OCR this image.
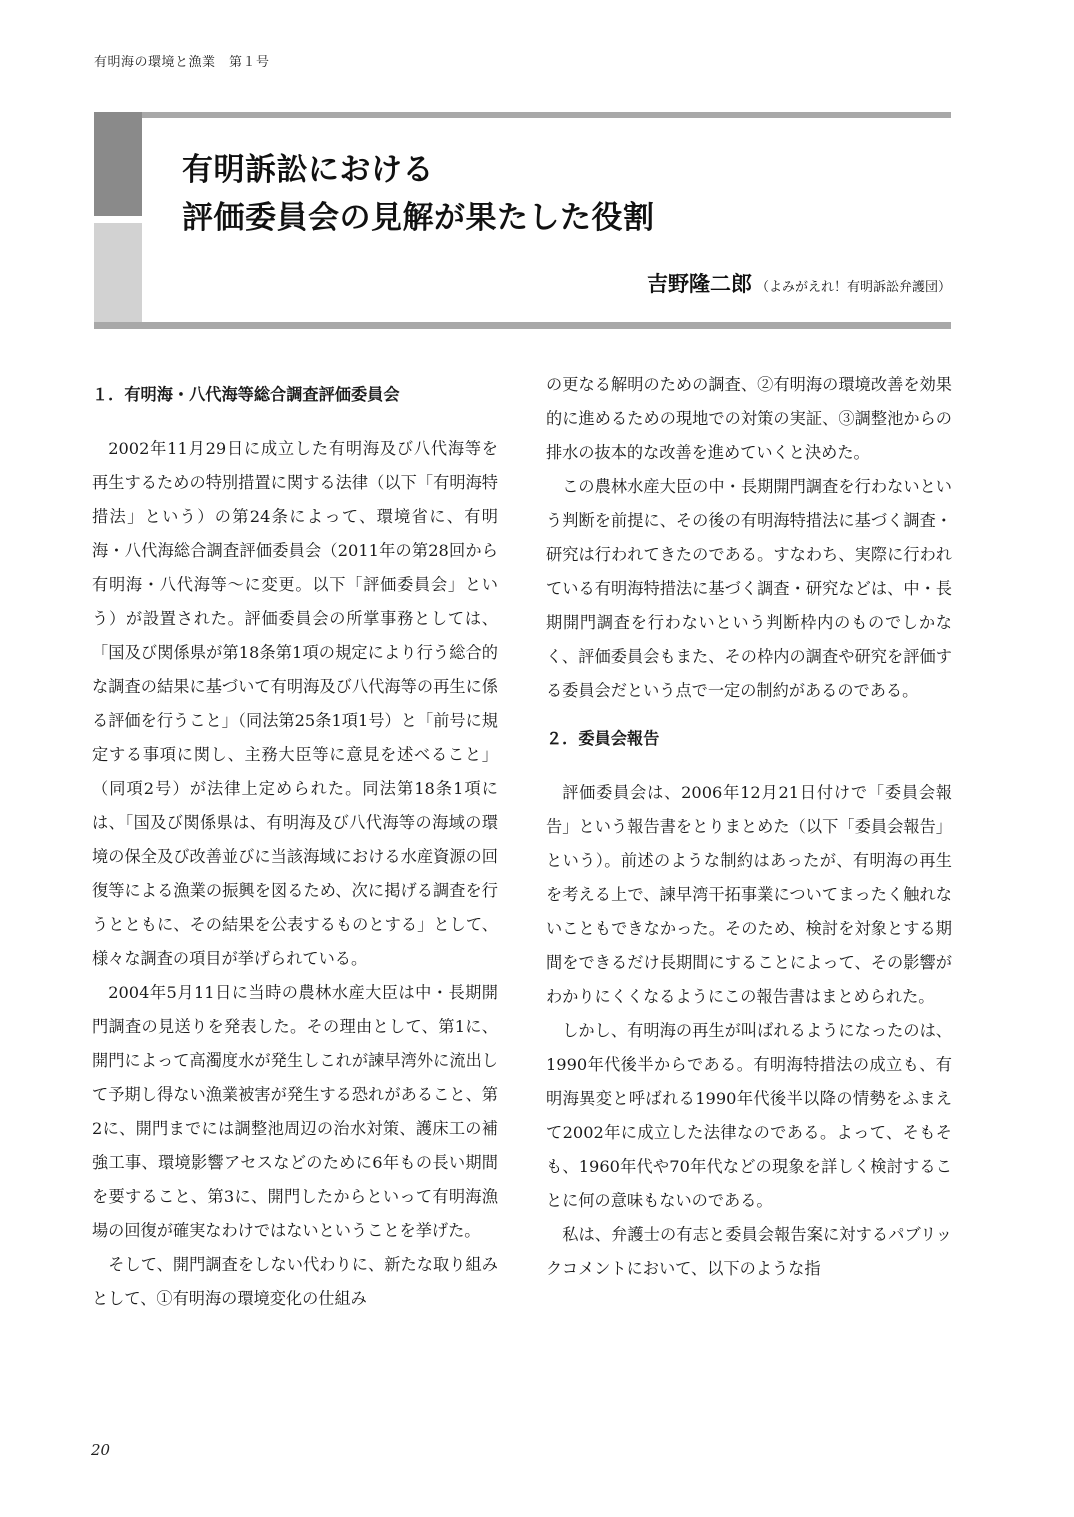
有明海の環境と漁業　第１号
有明訴訟における
評価委員会の見解が果たした役割
吉野隆二郎 （よみがえれ！有明訴訟弁護団）
１．有明海・八代海等総合調査評価委員会

2002年11月29日に成立した有明海及び八代海等を再生するための特別措置に関する法律（以下「有明海特措法」という）の第24条によって、環境省に、有明海・八代海総合調査評価委員会（2011年の第28回から有明海・八代海等～に変更。以下「評価委員会」という）が設置された。評価委員会の所掌事務としては、「国及び関係県が第18条第1項の規定により行う総合的な調査の結果に基づいて有明海及び八代海等の再生に係る評価を行うこと」（同法第25条1項1号）と「前号に規定する事項に関し、主務大臣等に意見を述べること」（同項2号）が法律上定められた。同法第18条1項には、「国及び関係県は、有明海及び八代海等の海域の環境の保全及び改善並びに当該海域における水産資源の回復等による漁業の振興を図るため、次に掲げる調査を行うとともに、その結果を公表するものとする」として、様々な調査の項目が挙げられている。

2004年5月11日に当時の農林水産大臣は中・長期開門調査の見送りを発表した。その理由として、第1に、開門によって高濁度水が発生しこれが諫早湾外に流出して予期し得ない漁業被害が発生する恐れがあること、第2に、開門までには調整池周辺の治水対策、護床工の補強工事、環境影響アセスなどのために6年もの長い期間を要すること、第3に、開門したからといって有明海漁場の回復が確実なわけではないということを挙げた。

そして、開門調査をしない代わりに、新たな取り組みとして、①有明海の環境変化の仕組み

の更なる解明のための調査、②有明海の環境改善を効果的に進めるための現地での対策の実証、③調整池からの排水の抜本的な改善を進めていくと決めた。

この農林水産大臣の中・長期開門調査を行わないという判断を前提に、その後の有明海特措法に基づく調査・研究は行われてきたのである。すなわち、実際に行われている有明海特措法に基づく調査・研究などは、中・長期開門調査を行わないという判断枠内のものでしかなく、評価委員会もまた、その枠内の調査や研究を評価する委員会だという点で一定の制約があるのである。

２．委員会報告

評価委員会は、2006年12月21日付けで「委員会報告」という報告書をとりまとめた（以下「委員会報告」という）。前述のような制約はあったが、有明海の再生を考える上で、諫早湾干拓事業についてまったく触れないこともできなかった。そのため、検討を対象とする期間をできるだけ長期間にすることによって、その影響がわかりにくくなるようにこの報告書はまとめられた。

しかし、有明海の再生が叫ばれるようになったのは、1990年代後半からである。有明海特措法の成立も、有明海異変と呼ばれる1990年代後半以降の情勢をふまえて2002年に成立した法律なのである。よって、そもそも、1960年代や70年代などの現象を詳しく検討することに何の意味もないのである。

私は、弁護士の有志と委員会報告案に対するパブリックコメントにおいて、以下のような指

20
